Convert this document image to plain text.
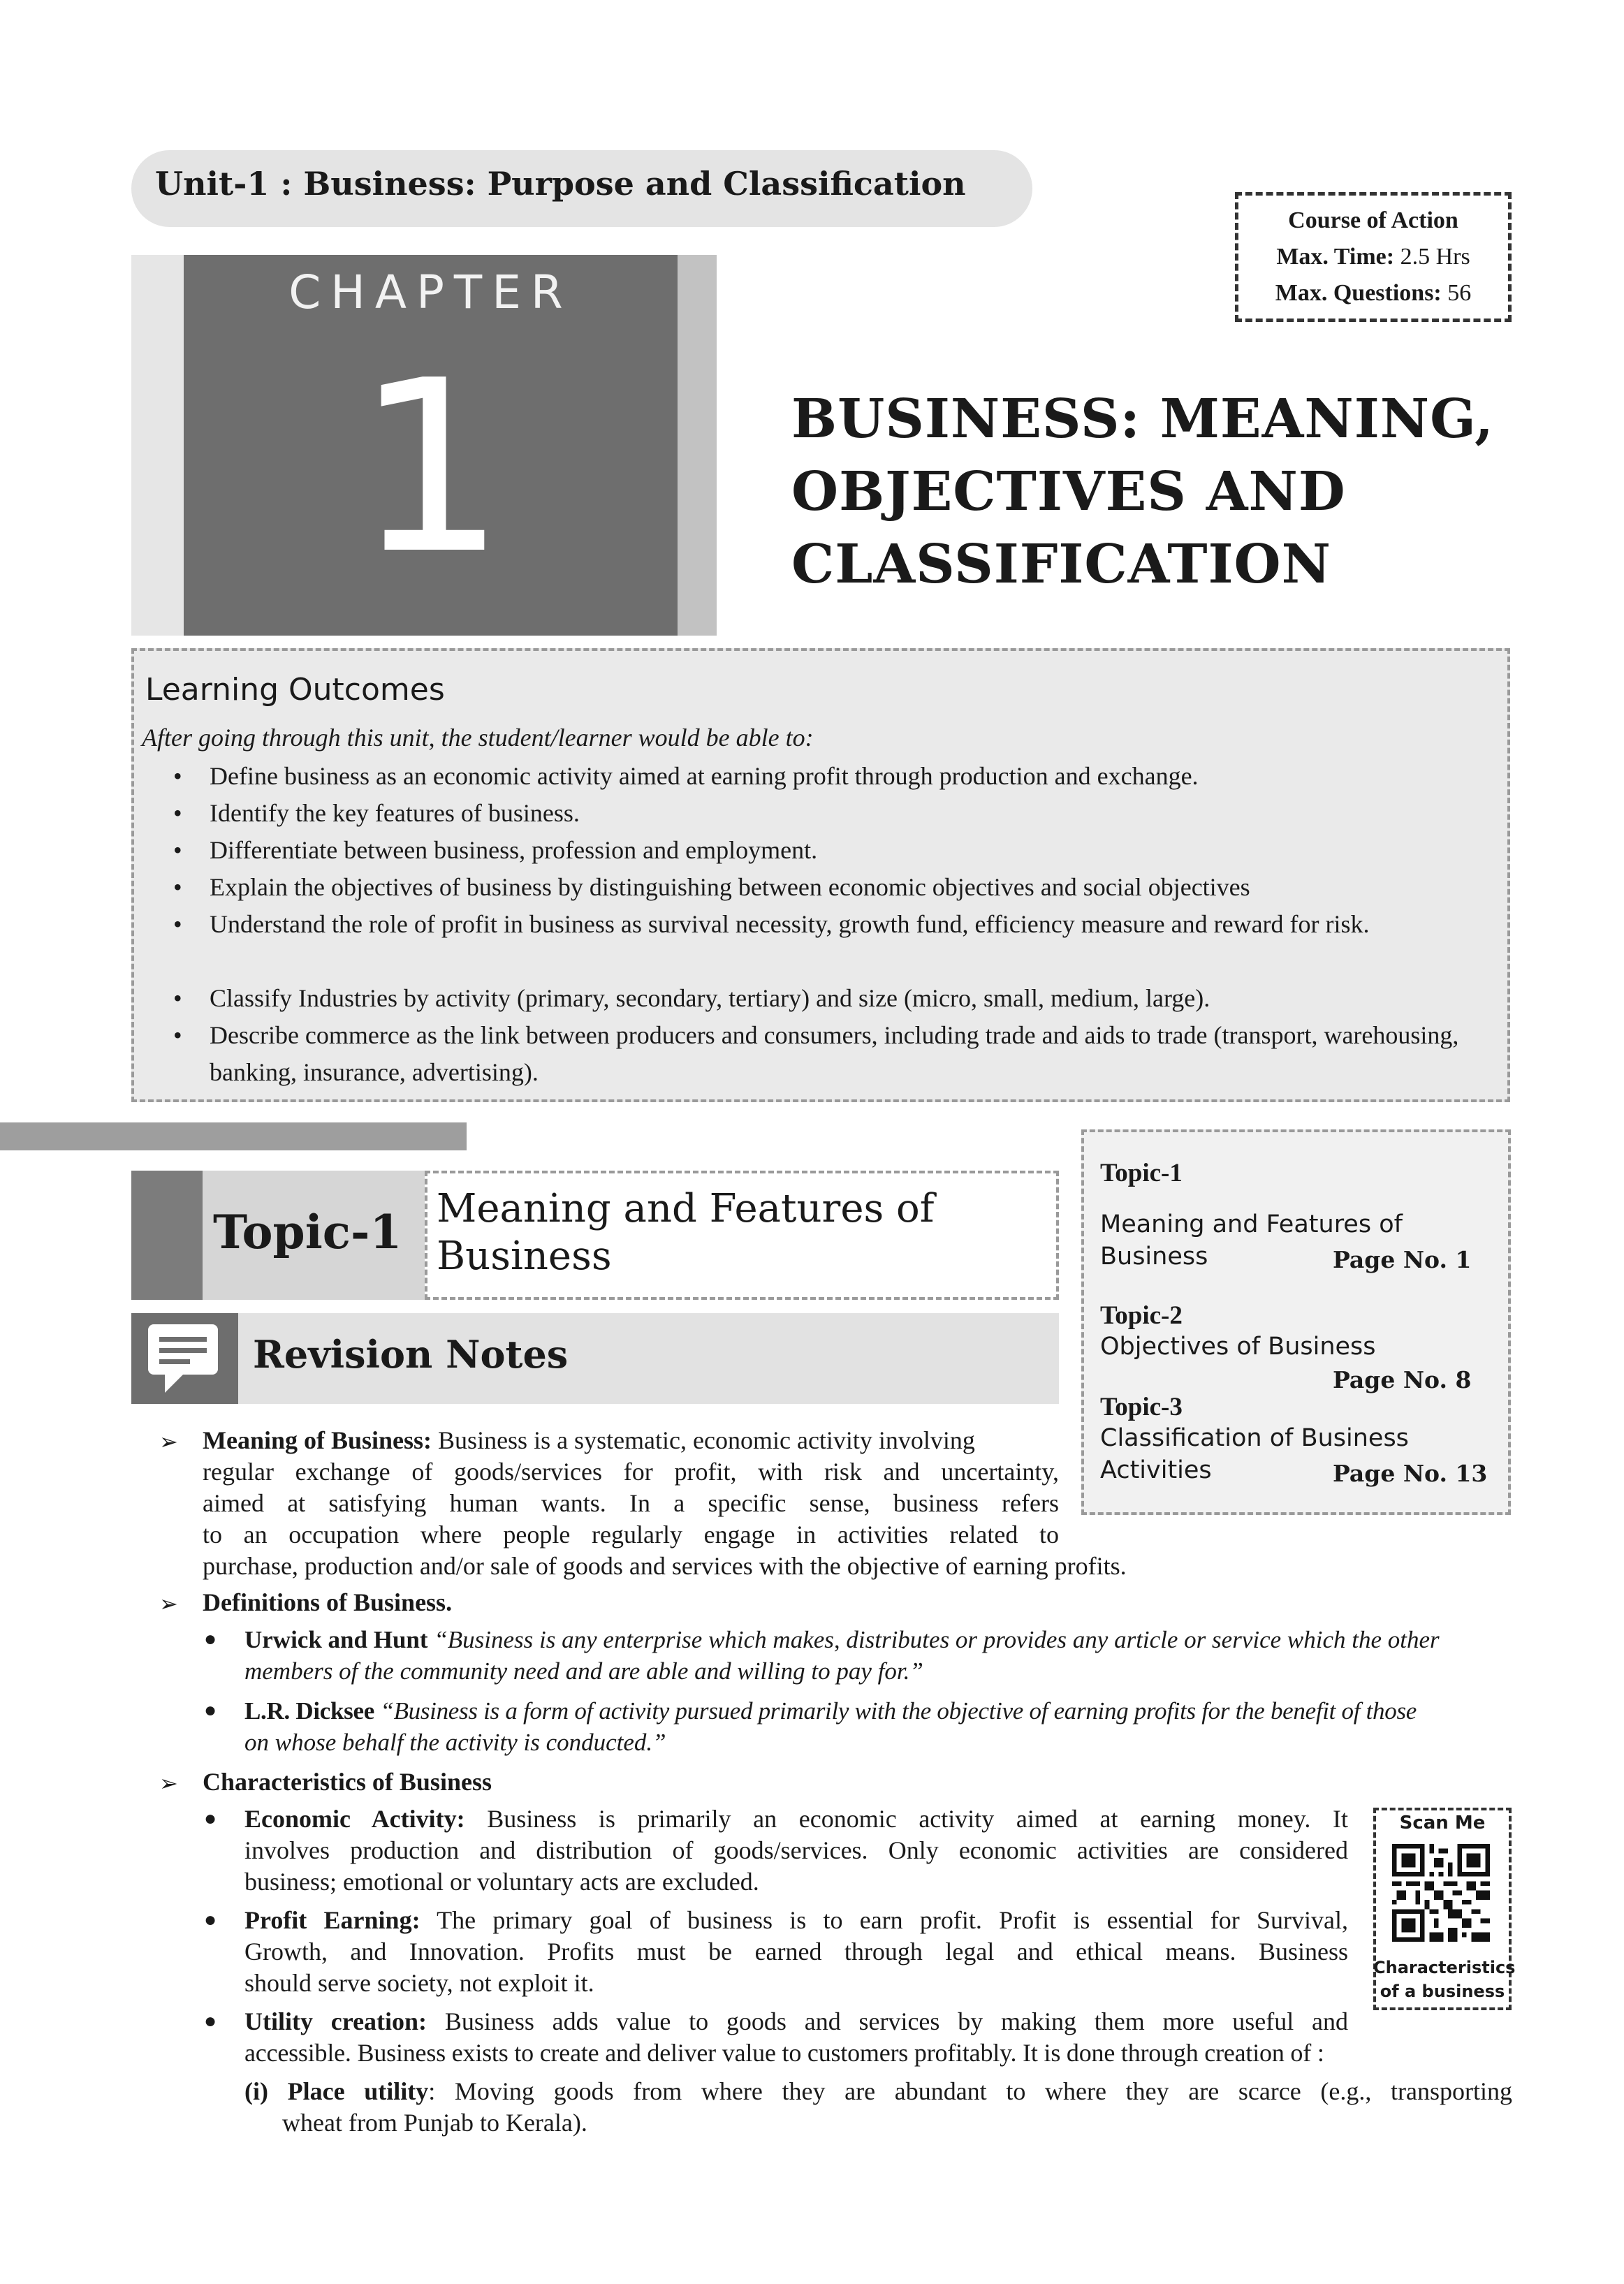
Unit-1 : Business: Purpose and Classification
Course of Action
Max. Time: 2.5 Hrs
Max. Questions: 56
CHAPTER
1	BUSINESS: MEANING,
OBJECTIVES AND
CLASSIFICATION
Learning Outcomes
After going through this unit, the student/learner would be able to:
• Define business as an economic activity aimed at earning profit through production and exchange.
• Identify the key features of business.
• Differentiate between business, profession and employment.
• Explain the objectives of business by distinguishing between economic objectives and social objectives
• Understand the role of profit in business as survival necessity, growth fund, efficiency measure and reward for risk.
• Classify Industries by activity (primary, secondary, tertiary) and size (micro, small, medium, large).
• Describe commerce as the link between producers and consumers, including trade and aids to trade (transport, warehousing, banking, insurance, advertising).
Topic-1
Meaning and Features of
Business	Page No. 1
Topic-2
Objectives of Business
Page No. 8
Topic-3
Classification of Business
Activities	Page No. 13
Topic-1 Meaning and Features of
Business
Revision Notes
➢ Meaning of Business: Business is a systematic, economic activity involving
regular exchange of goods/services for profit, with risk and uncertainty,
aimed at satisfying human wants. In a specific sense, business refers
to an occupation where people regularly engage in activities related to
purchase, production and/or sale of goods and services with the objective of earning profits.
➢ Definitions of Business.
● Urwick and Hunt “Business is any enterprise which makes, distributes or provides any article or service which the other
members of the community need and are able and willing to pay for.”
● L.R. Dicksee “Business is a form of activity pursued primarily with the objective of earning profits for the benefit of those
on whose behalf the activity is conducted.”
➢ Characteristics of Business
● Economic Activity: Business is primarily an economic activity aimed at earning money. It
involves production and distribution of goods/services. Only economic activities are considered
business; emotional or voluntary acts are excluded.
● Profit Earning: The primary goal of business is to earn profit. Profit is essential for Survival,
Growth, and Innovation. Profits must be earned through legal and ethical means. Business
should serve society, not exploit it.
● Utility creation: Business adds value to goods and services by making them more useful and
accessible. Business exists to create and deliver value to customers profitably. It is done through creation of :
(i) Place utility: Moving goods from where they are abundant to where they are scarce (e.g., transporting
wheat from Punjab to Kerala).
Scan Me
Characteristics
of a business
